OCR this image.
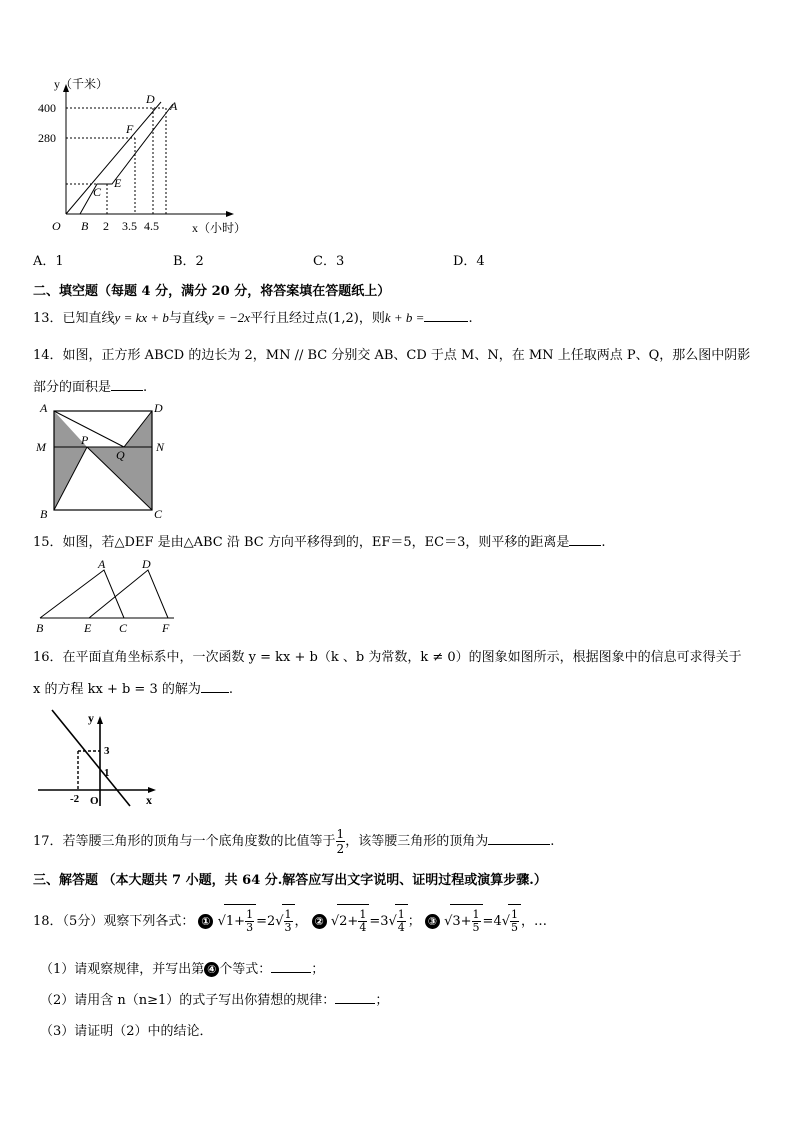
y（千米）
x（小时）
400
280
O B 2 3.5 4.5
D A
F
C
E
A．1	B．2	C．3	D．4
二、填空题（每题 4 分，满分 20 分，将答案填在答题纸上）
13．已知直线y = kx + b与直线y = −2x平行且经过点(1,2)，则k + b =	.
14．如图，正方形 ABCD 的边长为 2，MN // BC 分别交 AB、CD 于点 M、N，在 MN 上任取两点 P、Q，那么图中阴影
部分的面积是 .
A	D
M	N
P
Q
B	C
15．如图，若△DEF 是由△ABC 沿 BC 方向平移得到的，EF＝5，EC＝3，则平移的距离是 .
A	D
B	E C	F
16．在平面直角坐标系中，一次函数 y = kx + b（k 、b 为常数，k ≠ 0）的图象如图所示，根据图象中的信息可求得关于
x 的方程 kx + b = 3 的解为 .
y
x
3
1
-2 O
17．若等腰三角形的顶角与一个底角度数的比值等于 $\frac{1}{2}$ ，该等腰三角形的顶角为	.
三、解答题 （本大题共 7 小题，共 64 分.解答应写出文字说明、证明过程或演算步骤.）
18．（5分）观察下列各式： ① $√1+ \frac{1}{3} =2√ \frac{1}{3}$ ， ② $√2+ \frac{1}{4} =3√ \frac{1}{4}$ ； ③ $√3+ \frac{1}{5} =4√ \frac{1}{5}$ ，…
（1）请观察规律，并写出第 ④ 个等式：	；
（2）请用含 n（n≥1）的式子写出你猜想的规律：	；
（3）请证明（2）中的结论．
